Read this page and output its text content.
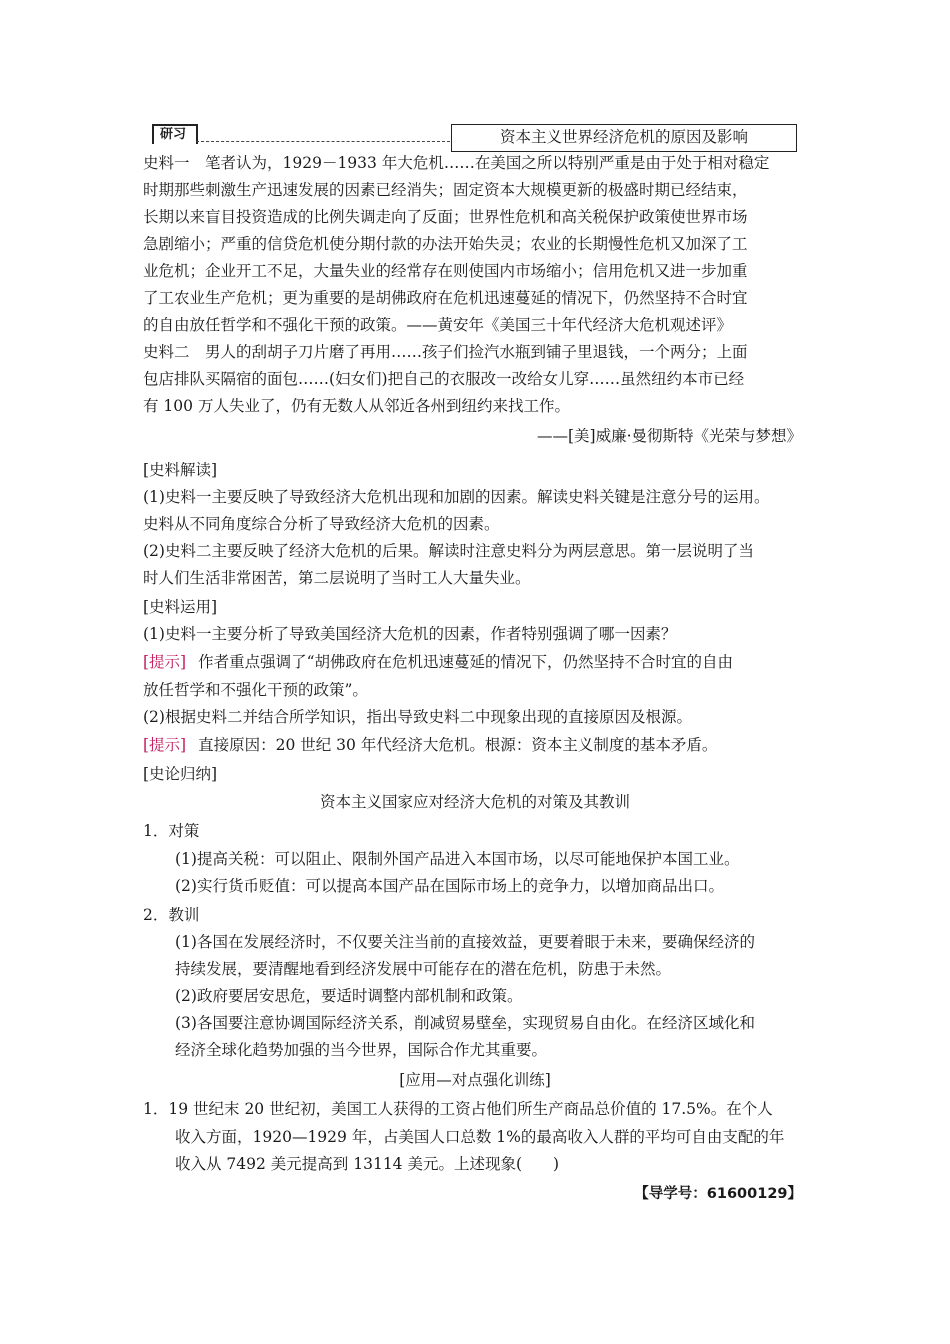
研习	资本主义世界经济危机的原因及影响
史料一　笔者认为，1929－1933 年大危机……在美国之所以特别严重是由于处于相对稳定
时期那些刺激生产迅速发展的因素已经消失；固定资本大规模更新的极盛时期已经结束，
长期以来盲目投资造成的比例失调走向了反面；世界性危机和高关税保护政策使世界市场
急剧缩小；严重的信贷危机使分期付款的办法开始失灵；农业的长期慢性危机又加深了工
业危机；企业开工不足，大量失业的经常存在则使国内市场缩小；信用危机又进一步加重
了工农业生产危机；更为重要的是胡佛政府在危机迅速蔓延的情况下，仍然坚持不合时宜
的自由放任哲学和不强化干预的政策。——黄安年《美国三十年代经济大危机观述评》
史料二　男人的刮胡子刀片磨了再用……孩子们捡汽水瓶到铺子里退钱，一个两分；上面
包店排队买隔宿的面包……(妇女们)把自己的衣服改一改给女儿穿……虽然纽约本市已经
有 100 万人失业了，仍有无数人从邻近各州到纽约来找工作。
——[美]威廉·曼彻斯特《光荣与梦想》
[史料解读]
(1)史料一主要反映了导致经济大危机出现和加剧的因素。解读史料关键是注意分号的运用。
史料从不同角度综合分析了导致经济大危机的因素。
(2)史料二主要反映了经济大危机的后果。解读时注意史料分为两层意思。第一层说明了当
时人们生活非常困苦，第二层说明了当时工人大量失业。
[史料运用]
(1)史料一主要分析了导致美国经济大危机的因素，作者特别强调了哪一因素？
[提示] 作者重点强调了“胡佛政府在危机迅速蔓延的情况下，仍然坚持不合时宜的自由
放任哲学和不强化干预的政策”。
(2)根据史料二并结合所学知识，指出导致史料二中现象出现的直接原因及根源。
[提示] 直接原因：20 世纪 30 年代经济大危机。根源：资本主义制度的基本矛盾。
[史论归纳]
资本主义国家应对经济大危机的对策及其教训
1．对策
(1)提高关税：可以阻止、限制外国产品进入本国市场，以尽可能地保护本国工业。
(2)实行货币贬值：可以提高本国产品在国际市场上的竞争力，以增加商品出口。
2．教训
(1)各国在发展经济时，不仅要关注当前的直接效益，更要着眼于未来，要确保经济的
持续发展，要清醒地看到经济发展中可能存在的潜在危机，防患于未然。
(2)政府要居安思危，要适时调整内部机制和政策。
(3)各国要注意协调国际经济关系，削减贸易壁垒，实现贸易自由化。在经济区域化和
经济全球化趋势加强的当今世界，国际合作尤其重要。
[应用—对点强化训练]
1．19 世纪末 20 世纪初，美国工人获得的工资占他们所生产商品总价值的 17.5%。在个人
收入方面，1920—1929 年，占美国人口总数 1%的最高收入人群的平均可自由支配的年
收入从 7492 美元提高到 13114 美元。上述现象(　　)
【导学号：61600129】
